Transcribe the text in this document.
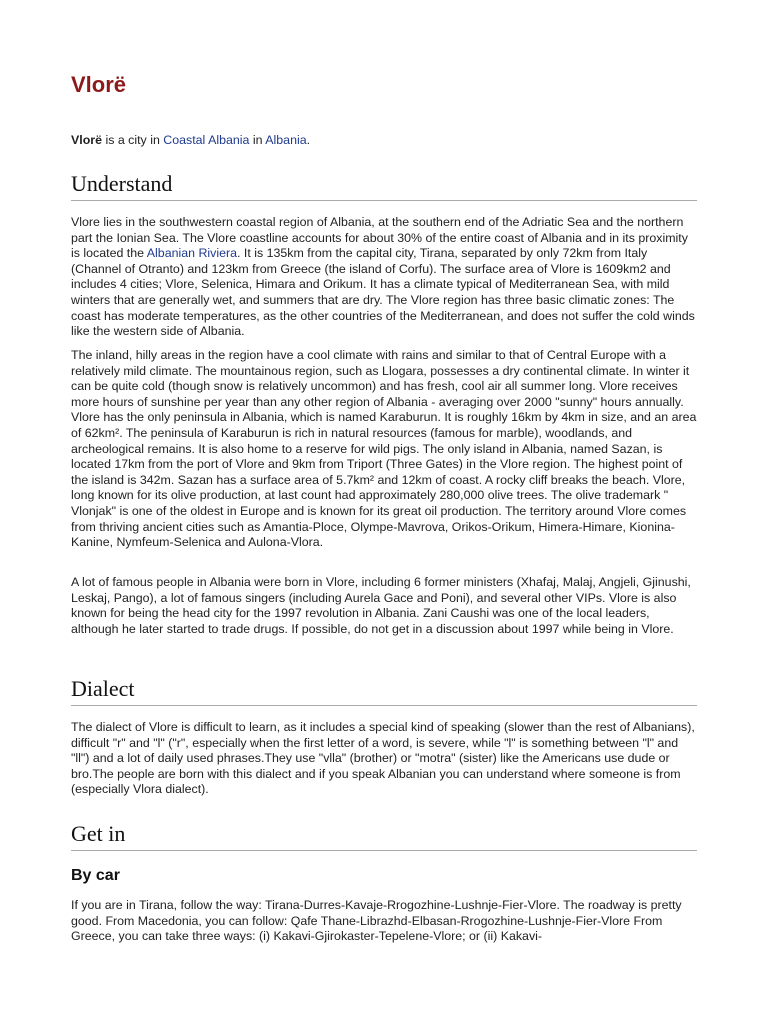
Vlorë
Vlorë is a city in Coastal Albania in Albania.
Understand

Vlore lies in the southwestern coastal region of Albania, at the southern end of the Adriatic Sea and the northern part the Ionian Sea. The Vlore coastline accounts for about 30% of the entire coast of Albania and in its proximity is located the Albanian Riviera. It is 135km from the capital city, Tirana, separated by only 72km from Italy (Channel of Otranto) and 123km from Greece (the island of Corfu). The surface area of Vlore is 1609km2 and includes 4 cities; Vlore, Selenica, Himara and Orikum. It has a climate typical of Mediterranean Sea, with mild winters that are generally wet, and summers that are dry. The Vlore region has three basic climatic zones: The coast has moderate temperatures, as the other countries of the Mediterranean, and does not suffer the cold winds like the western side of Albania.

The inland, hilly areas in the region have a cool climate with rains and similar to that of Central Europe with a relatively mild climate. The mountainous region, such as Llogara, possesses a dry continental climate. In winter it can be quite cold (though snow is relatively uncommon) and has fresh, cool air all summer long. Vlore receives more hours of sunshine per year than any other region of Albania - averaging over 2000 "sunny" hours annually. Vlore has the only peninsula in Albania, which is named Karaburun. It is roughly 16km by 4km in size, and an area of 62km². The peninsula of Karaburun is rich in natural resources (famous for marble), woodlands, and archeological remains. It is also home to a reserve for wild pigs. The only island in Albania, named Sazan, is located 17km from the port of Vlore and 9km from Triport (Three Gates) in the Vlore region. The highest point of the island is 342m. Sazan has a surface area of 5.7km² and 12km of coast. A rocky cliff breaks the beach. Vlore, long known for its olive production, at last count had approximately 280,000 olive trees. The olive trademark " Vlonjak" is one of the oldest in Europe and is known for its great oil production. The territory around Vlore comes from thriving ancient cities such as Amantia-Ploce, Olympe-Mavrova, Orikos-Orikum, Himera-Himare, Kionina-Kanine, Nymfeum-Selenica and Aulona-Vlora.

A lot of famous people in Albania were born in Vlore, including 6 former ministers (Xhafaj, Malaj, Angjeli, Gjinushi, Leskaj, Pango), a lot of famous singers (including Aurela Gace and Poni), and several other VIPs. Vlore is also known for being the head city for the 1997 revolution in Albania. Zani Caushi was one of the local leaders, although he later started to trade drugs. If possible, do not get in a discussion about 1997 while being in Vlore.

Dialect

The dialect of Vlore is difficult to learn, as it includes a special kind of speaking (slower than the rest of Albanians), difficult "r" and "l" ("r", especially when the first letter of a word, is severe, while "l" is something between "l" and "ll") and a lot of daily used phrases.They use "vlla" (brother) or "motra" (sister) like the Americans use dude or bro.The people are born with this dialect and if you speak Albanian you can understand where someone is from (especially Vlora dialect).

Get in
By car

If you are in Tirana, follow the way: Tirana-Durres-Kavaje-Rrogozhine-Lushnje-Fier-Vlore. The roadway is pretty good. From Macedonia, you can follow: Qafe Thane-Librazhd-Elbasan-Rrogozhine-Lushnje-Fier-Vlore From Greece, you can take three ways: (i) Kakavi-Gjirokaster-Tepelene-Vlore; or (ii) Kakavi-
